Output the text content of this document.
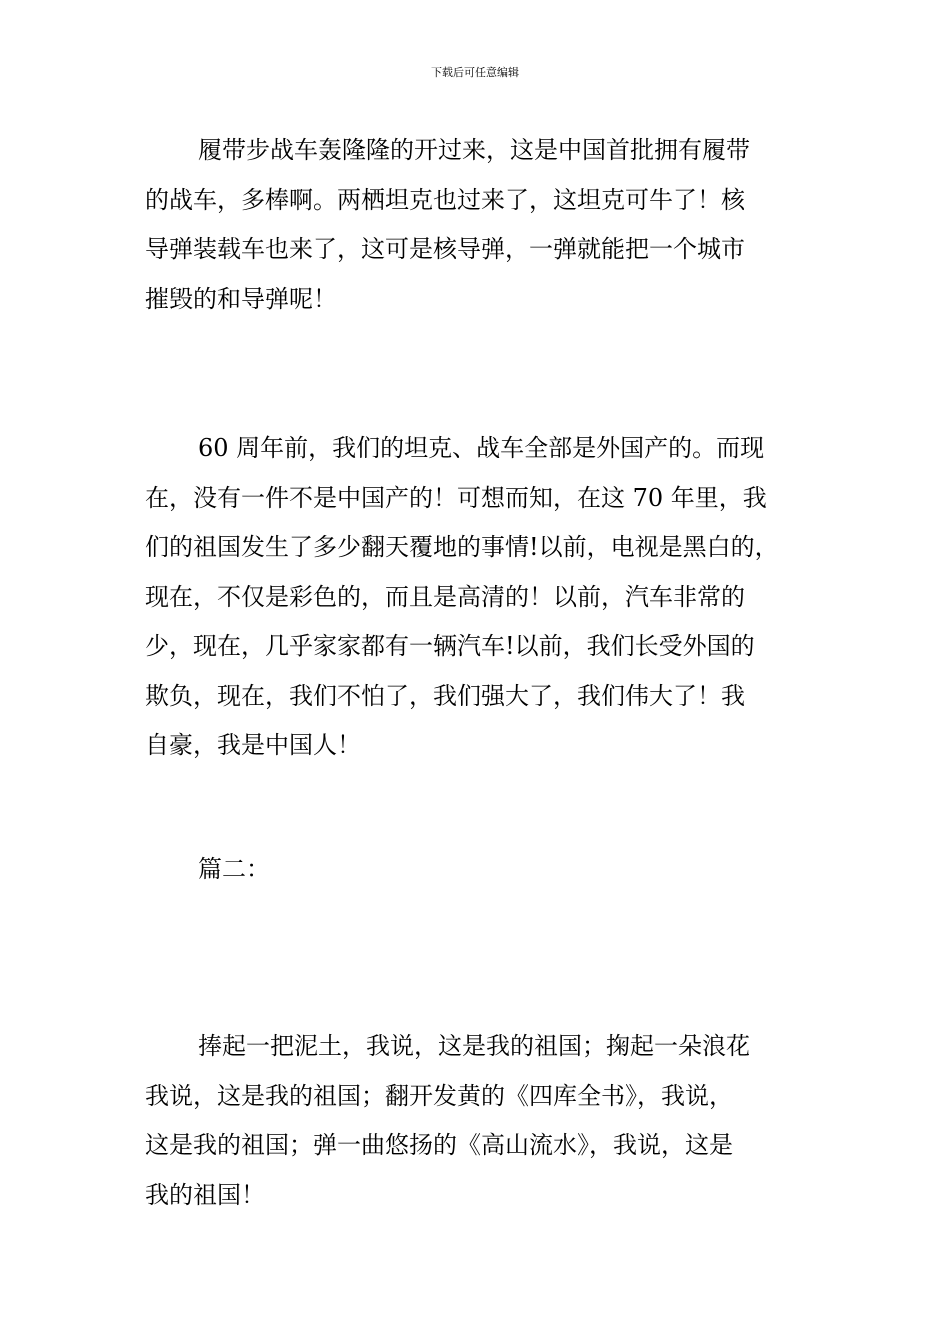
下载后可任意编辑
履带步战车轰隆隆的开过来，这是中国首批拥有履带
的战车，多棒啊。两栖坦克也过来了，这坦克可牛了！核
导弹装载车也来了，这可是核导弹，一弹就能把一个城市
摧毁的和导弹呢！
60 周年前，我们的坦克、战车全部是外国产的。而现
在，没有一件不是中国产的！可想而知，在这 70 年里，我
们的祖国发生了多少翻天覆地的事情!以前，电视是黑白的，
现在，不仅是彩色的，而且是高清的！以前，汽车非常的
少，现在，几乎家家都有一辆汽车!以前，我们长受外国的
欺负，现在，我们不怕了，我们强大了，我们伟大了！我
自豪，我是中国人！
篇二：
捧起一把泥土，我说，这是我的祖国；掬起一朵浪花
我说，这是我的祖国；翻开发黄的《四库全书》，我说，
这是我的祖国；弹一曲悠扬的《高山流水》，我说，这是
我的祖国！
